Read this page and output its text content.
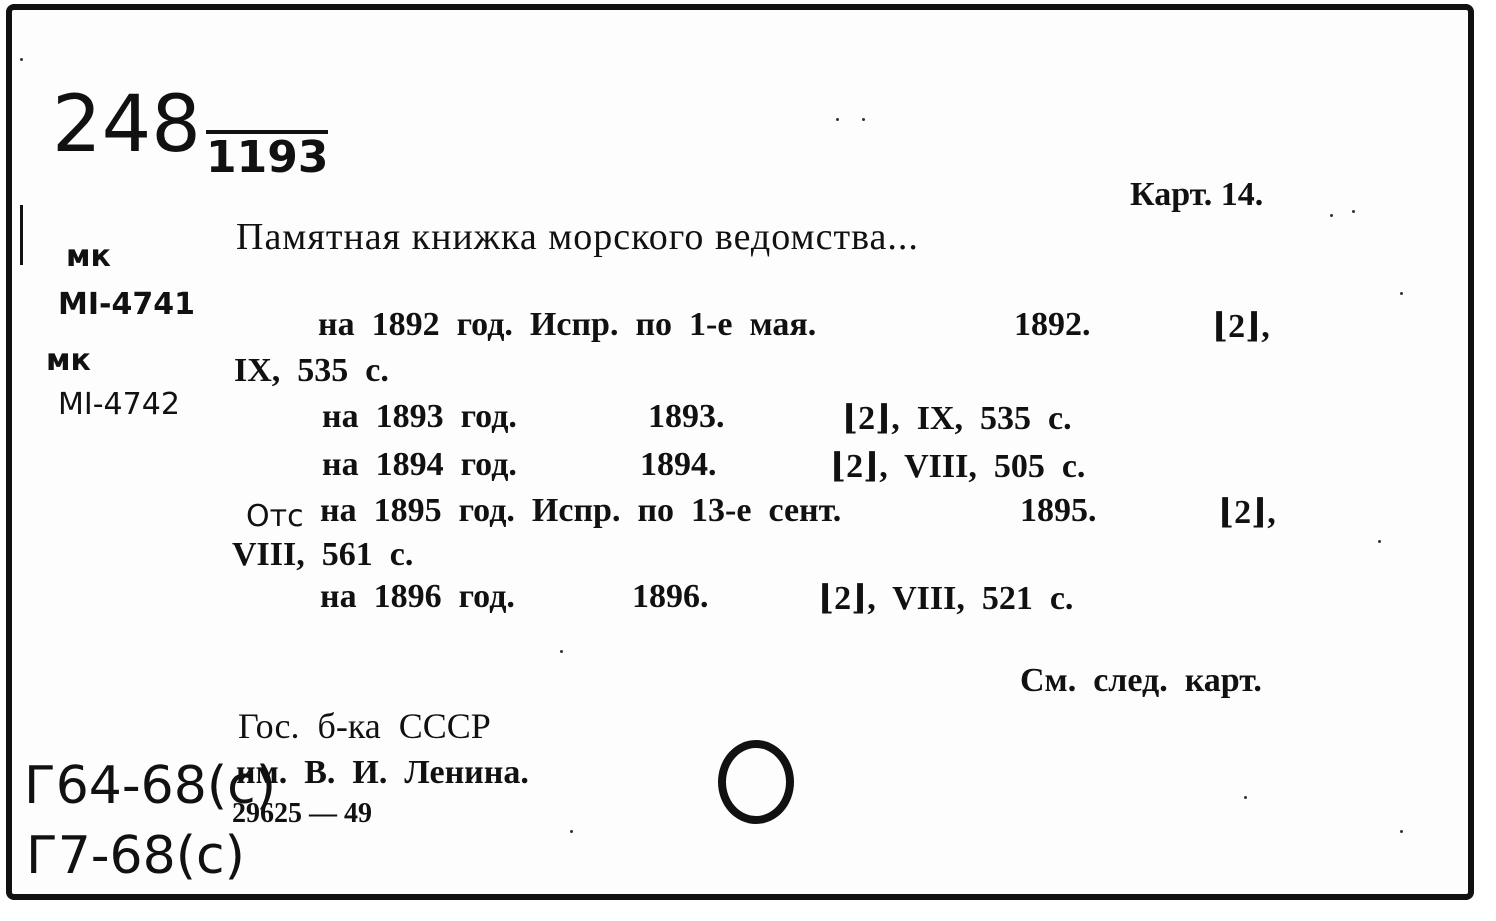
248 1193
мк
МI-4741
мк
МI-4742
Карт. 14.
Памятная книжка морского ведомства...
на  1892  год.  Испр.  по  1-е  мая.	1892.	⌊2⌋,
IX,  535  с.
на  1893  год.	1893.	⌊2⌋,  IX,  535  с.
на  1894  год.	1894.	⌊2⌋,  VIII,  505  с.
Отс на  1895  год.  Испр.  по  13-е  сент.	1895.	⌊2⌋,
VIII,  561  с.
на  1896  год.	1896.	⌊2⌋,  VIII,  521  с.
См.  след.  карт.
Гос.  б-ка  СССР
им.  В.  И.  Ленина.
29625 — 49
Г64-68(с)
Г7-68(с)
